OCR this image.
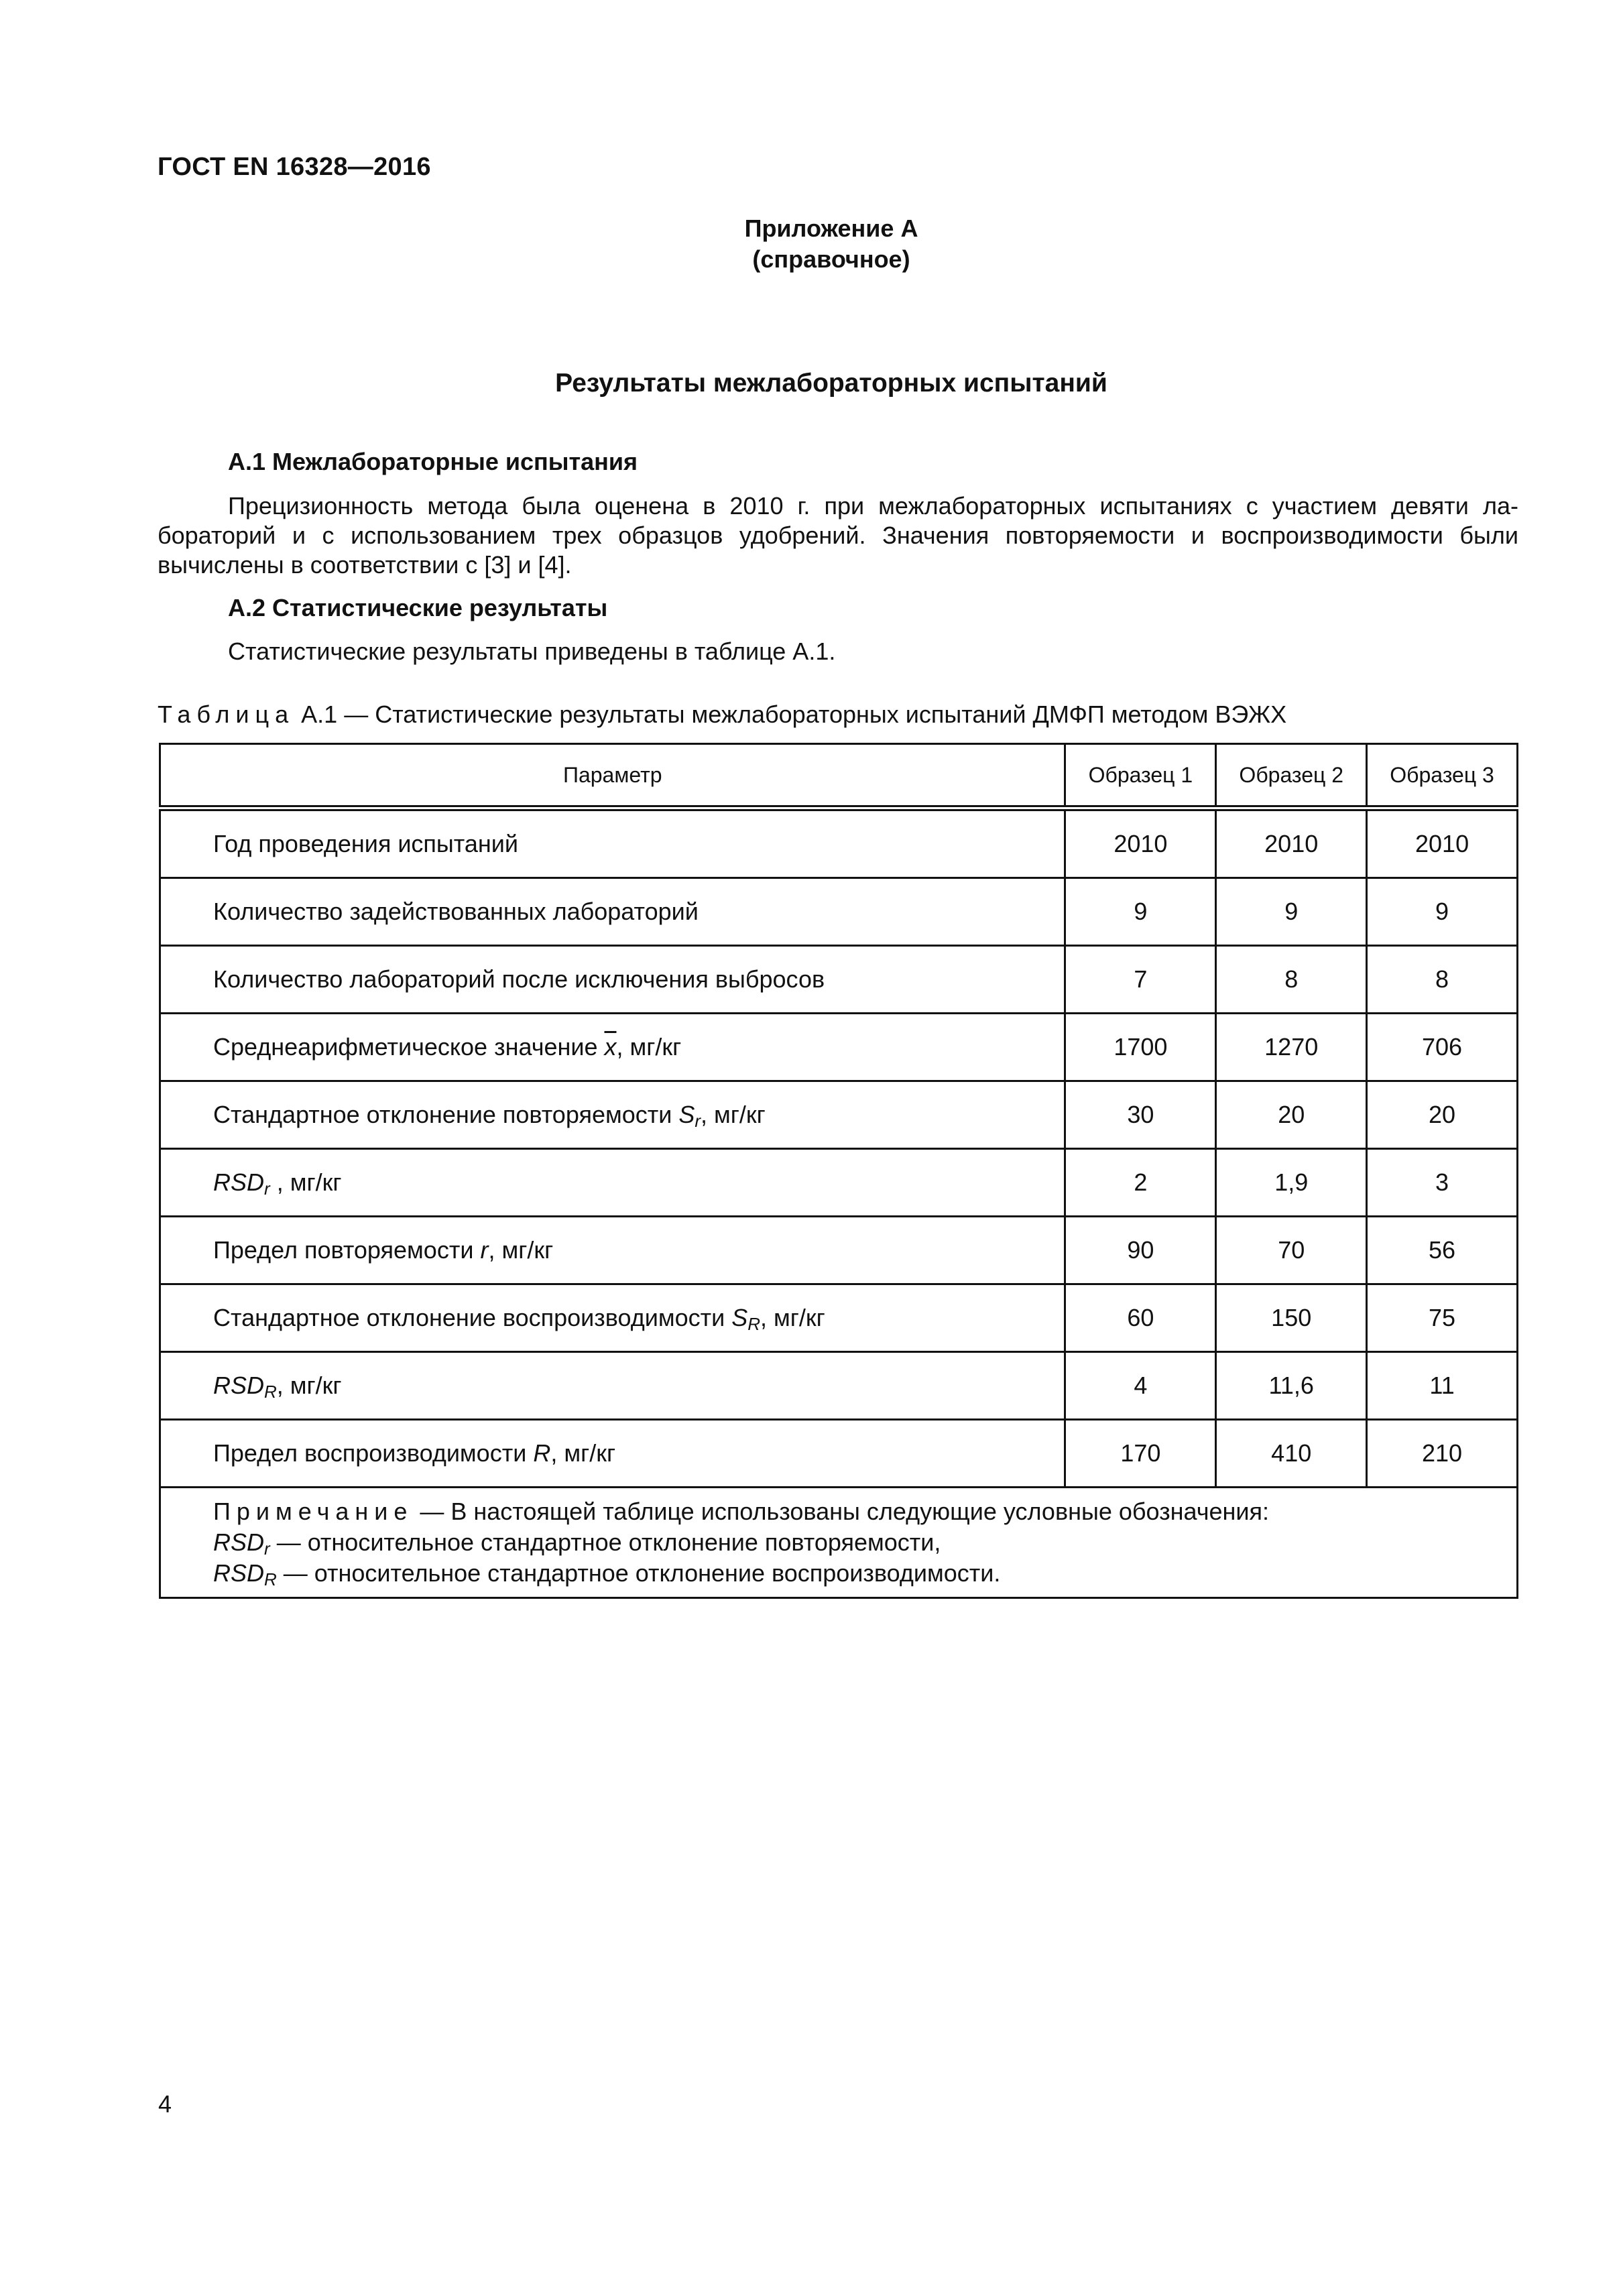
ГОСТ EN 16328—2016
Приложение А
(справочное)
Результаты межлабораторных испытаний
А.1 Межлабораторные испытания
Прецизионность метода была оценена в 2010 г. при межлабораторных испытаниях с участием девяти ла-
бораторий и с использованием трех образцов удобрений. Значения повторяемости и воспроизводимости были вычислены в соответствии с [3] и [4].
А.2 Статистические результаты
Статистические результаты приведены в таблице А.1.
Таблица А.1 — Статистические результаты межлабораторных испытаний ДМФП методом ВЭЖХ
Параметр	Образец 1	Образец 2	Образец 3
Год проведения испытаний	2010	2010	2010
Количество задействованных лабораторий	9	9	9
Количество лабораторий после исключения выбросов	7	8	8
Среднеарифметическое значение $\overline{x}$, мг/кг	1700	1270	706
Стандартное отклонение повторяемости $S_r$, мг/кг	30	20	20
$RSD_r$ , мг/кг	2	1,9	3
Предел повторяемости r, мг/кг	90	70	56
Стандартное отклонение воспроизводимости $S_R$, мг/кг	60	150	75
$RSD_R$, мг/кг	4	11,6	11
Предел воспроизводимости R, мг/кг	170	410	210

Примечание — В настоящей таблице использованы следующие условные обозначения:
$RSD_r$ — относительное стандартное отклонение повторяемости,
$RSD_R$ — относительное стандартное отклонение воспроизводимости.			
4
